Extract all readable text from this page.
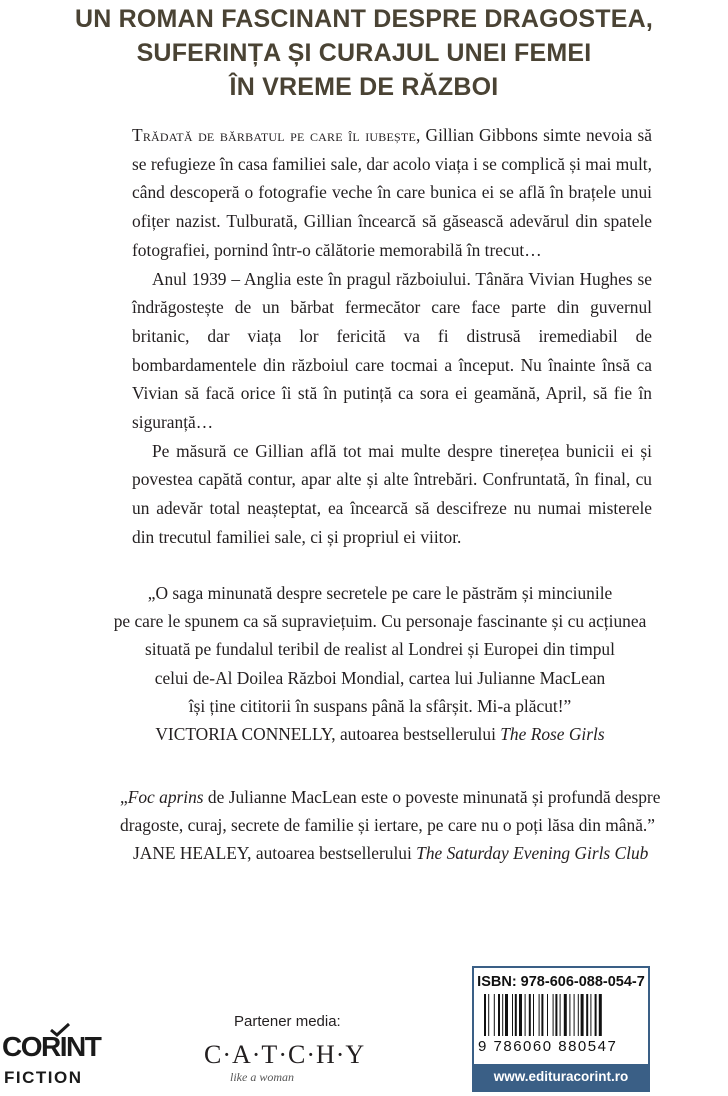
UN ROMAN FASCINANT DESPRE DRAGOSTEA,
SUFERINȚA ȘI CURAJUL UNEI FEMEI
ÎN VREME DE RĂZBOI

Trădată de bărbatul pe care îl iubește, Gillian Gibbons simte nevoia să se refugieze în casa familiei sale, dar acolo viața i se complică și mai mult, când descoperă o fotografie veche în care bunica ei se află în brațele unui ofițer nazist. Tulburată, Gillian încearcă să găsească adevărul din spatele fotografiei, pornind într-o călătorie memorabilă în trecut…

Anul 1939 – Anglia este în pragul războiului. Tânăra Vivian Hughes se îndrăgostește de un bărbat fermecător care face parte din guvernul britanic, dar viața lor fericită va fi distrusă iremediabil de bombardamentele din războiul care tocmai a început. Nu înainte însă ca Vivian să facă orice îi stă în putință ca sora ei geamănă, April, să fie în siguranță…

Pe măsură ce Gillian află tot mai multe despre tinerețea bunicii ei și povestea capătă contur, apar alte și alte întrebări. Confruntată, în final, cu un adevăr total neașteptat, ea încearcă să descifreze nu numai misterele din trecutul familiei sale, ci și propriul ei viitor.

„O saga minunată despre secretele pe care le păstrăm și minciunile
pe care le spunem ca să supraviețuim. Cu personaje fascinante și cu acțiunea
situată pe fundalul teribil de realist al Londrei și Europei din timpul
celui de-Al Doilea Război Mondial, cartea lui Julianne MacLean
își ține cititorii în suspans până la sfârșit. Mi-a plăcut!”
VICTORIA CONNELLY, autoarea bestsellerului The Rose Girls
„Foc aprins de Julianne MacLean este o poveste minunată și profundă despre
dragoste, curaj, secrete de familie și iertare, pe care nu o poți lăsa din mână.”
JANE HEALEY, autoarea bestsellerului The Saturday Evening Girls Club
CORINT
FICTION
Partener media:
C·A·T·C·H·Y
like a woman
ISBN: 978-606-088-054-7
9 786060 880547
www.edituracorint.ro
